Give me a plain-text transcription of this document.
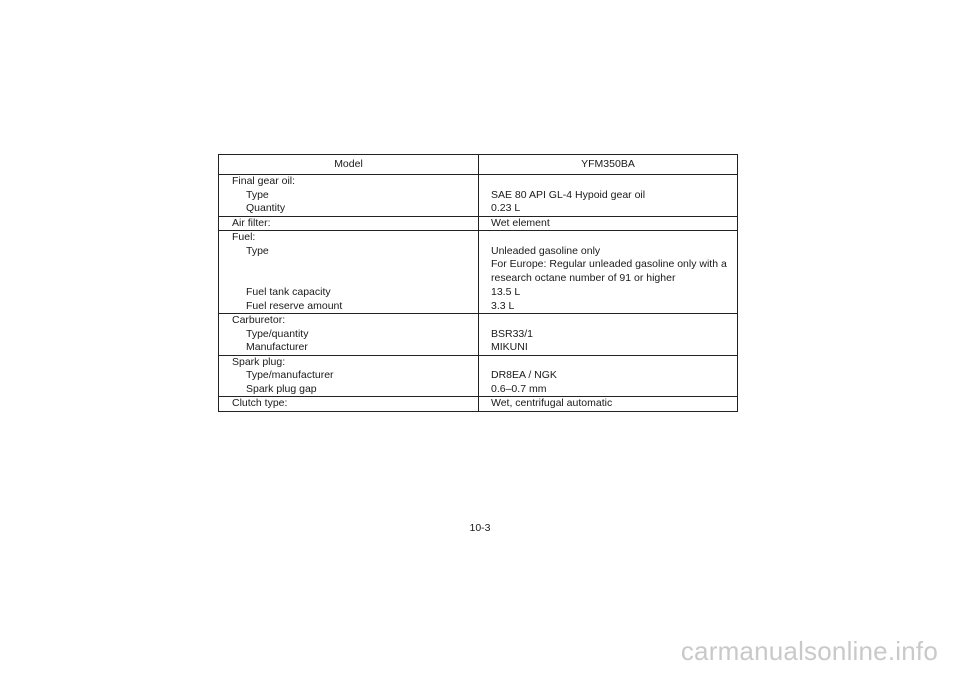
Model	YFM350BA
Final gear oil:
Type	SAE 80 API GL-4 Hypoid gear oil
Quantity	0.23 L
Air filter:	Wet element
Fuel:
Type	Unleaded gasoline only
For Europe: Regular unleaded gasoline only with a
research octane number of 91 or higher
Fuel tank capacity	13.5 L
Fuel reserve amount	3.3 L
Carburetor:
Type/quantity	BSR33/1
Manufacturer	MIKUNI
Spark plug:
Type/manufacturer	DR8EA / NGK
Spark plug gap	0.6–0.7 mm
Clutch type:	Wet, centrifugal automatic
10-3
carmanualsonline.info
